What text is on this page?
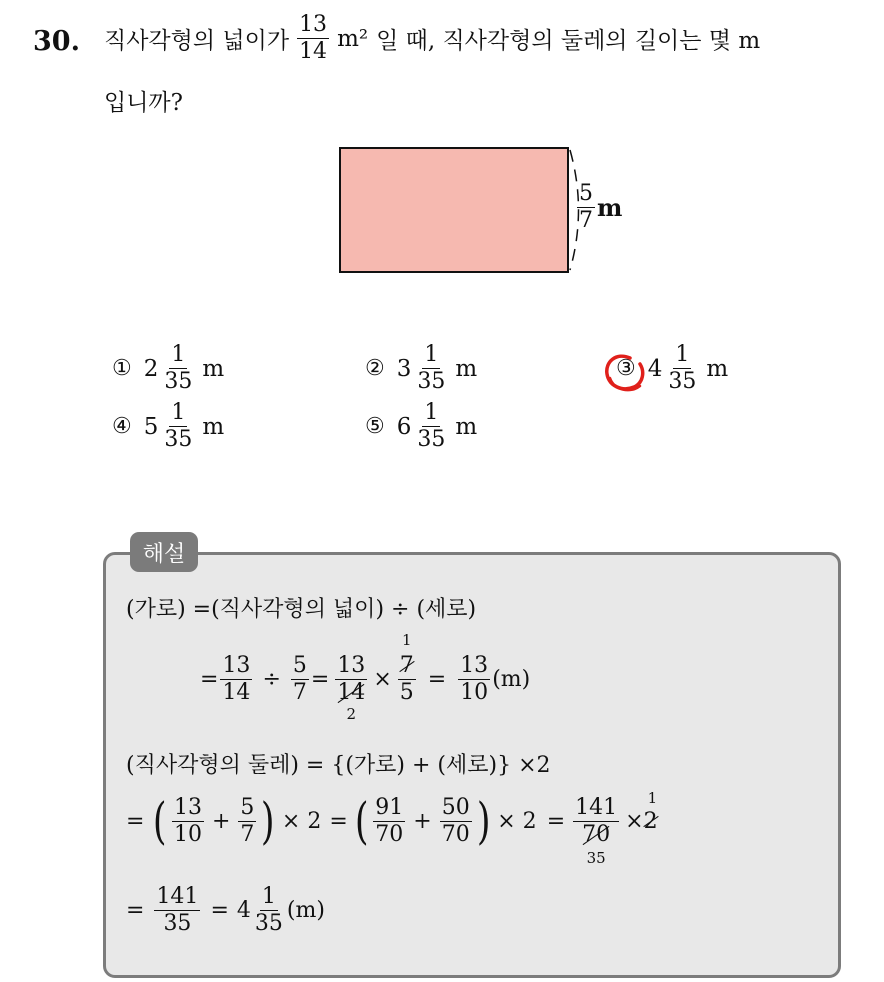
30. 직사각형의 넓이가 $\frac{13}{14} m^2$ 일 때, 직사각형의 둘레의 길이는 몇 m
입니까?
$\frac{5}{7}$ m
① $2 \frac{1}{35}$ m	② $3 \frac{1}{35}$ m	③ $4 \frac{1}{35}$ m
④ $5 \frac{1}{35}$ m	⑤ $6 \frac{1}{35}$ m
해설
(가로) =(직사각형의 넓이) ÷ (세로)
= $\frac{13}{14} \div \frac{5}{7}$ =
13
14
2
×
1
7
5
= $\frac{13}{10} (m)$
(직사각형의 둘레) = {(가로) + (세로)} ×2
= ( $\frac{13}{10} + \frac{5}{7}$ ) × 2 = ( $\frac{91}{70} + \frac{50}{70}$ ) × 2 =
141
70
35
× 2
1
= $\frac{141}{35} = 4 \frac{1}{35} (m)$
